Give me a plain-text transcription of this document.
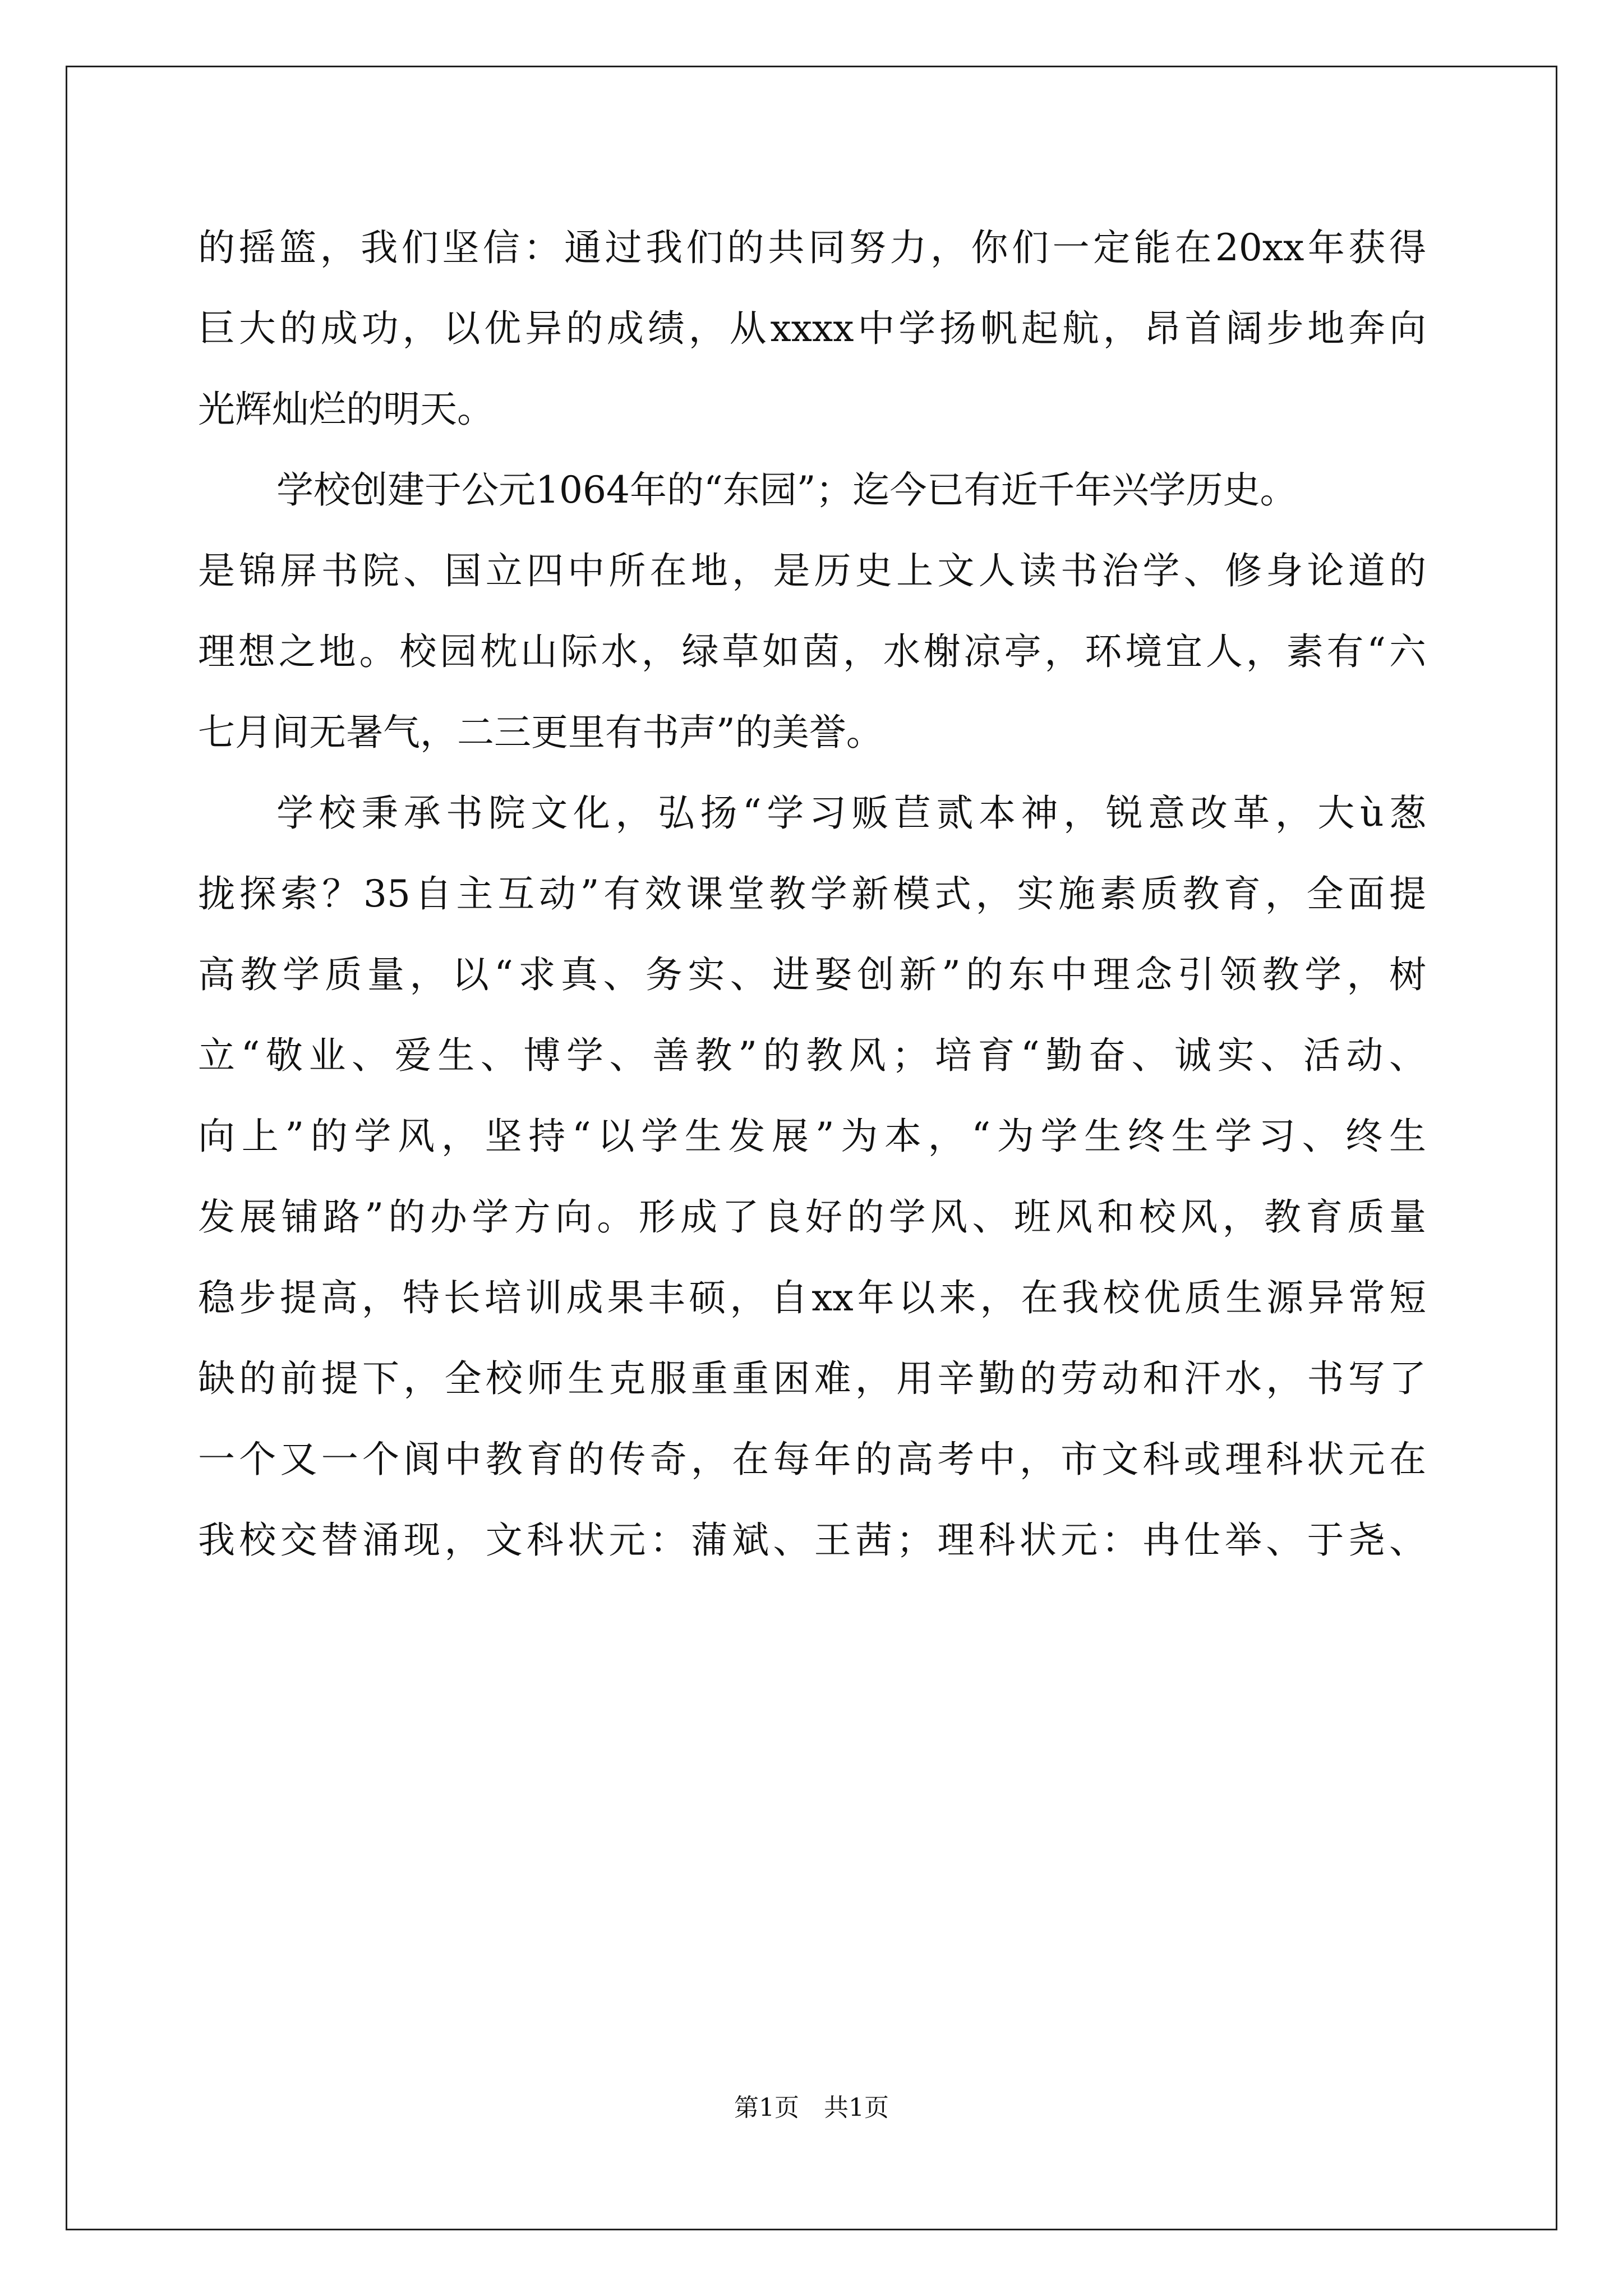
的摇篮，我们坚信：通过我们的共同努力，你们一定能在20xx年获得
巨大的成功，以优异的成绩，从xxxx中学扬帆起航，昂首阔步地奔向
光辉灿烂的明天。
学校创建于公元1064年的“东园”；迄今已有近千年兴学历史。
是锦屏书院、国立四中所在地，是历史上文人读书治学、修身论道的
理想之地。校园枕山际水，绿草如茵，水榭凉亭，环境宜人，素有“六
七月间无暑气，二三更里有书声”的美誉。
学校秉承书院文化，弘扬“学习贩苣贰本神，锐意改革，大ù葱
拢探索？35自主互动”有效课堂教学新模式，实施素质教育，全面提
高教学质量，以“求真、务实、进娶创新”的东中理念引领教学，树
立“敬业、爱生、博学、善教”的教风；培育“勤奋、诚实、活动、
向上”的学风，坚持“以学生发展”为本，“为学生终生学习、终生
发展铺路”的办学方向。形成了良好的学风、班风和校风，教育质量
稳步提高，特长培训成果丰硕，自xx年以来，在我校优质生源异常短
缺的前提下，全校师生克服重重困难，用辛勤的劳动和汗水，书写了
一个又一个阆中教育的传奇，在每年的高考中，市文科或理科状元在
我校交替涌现，文科状元：蒲斌、王茜；理科状元：冉仕举、于尧、
第1页 共1页
